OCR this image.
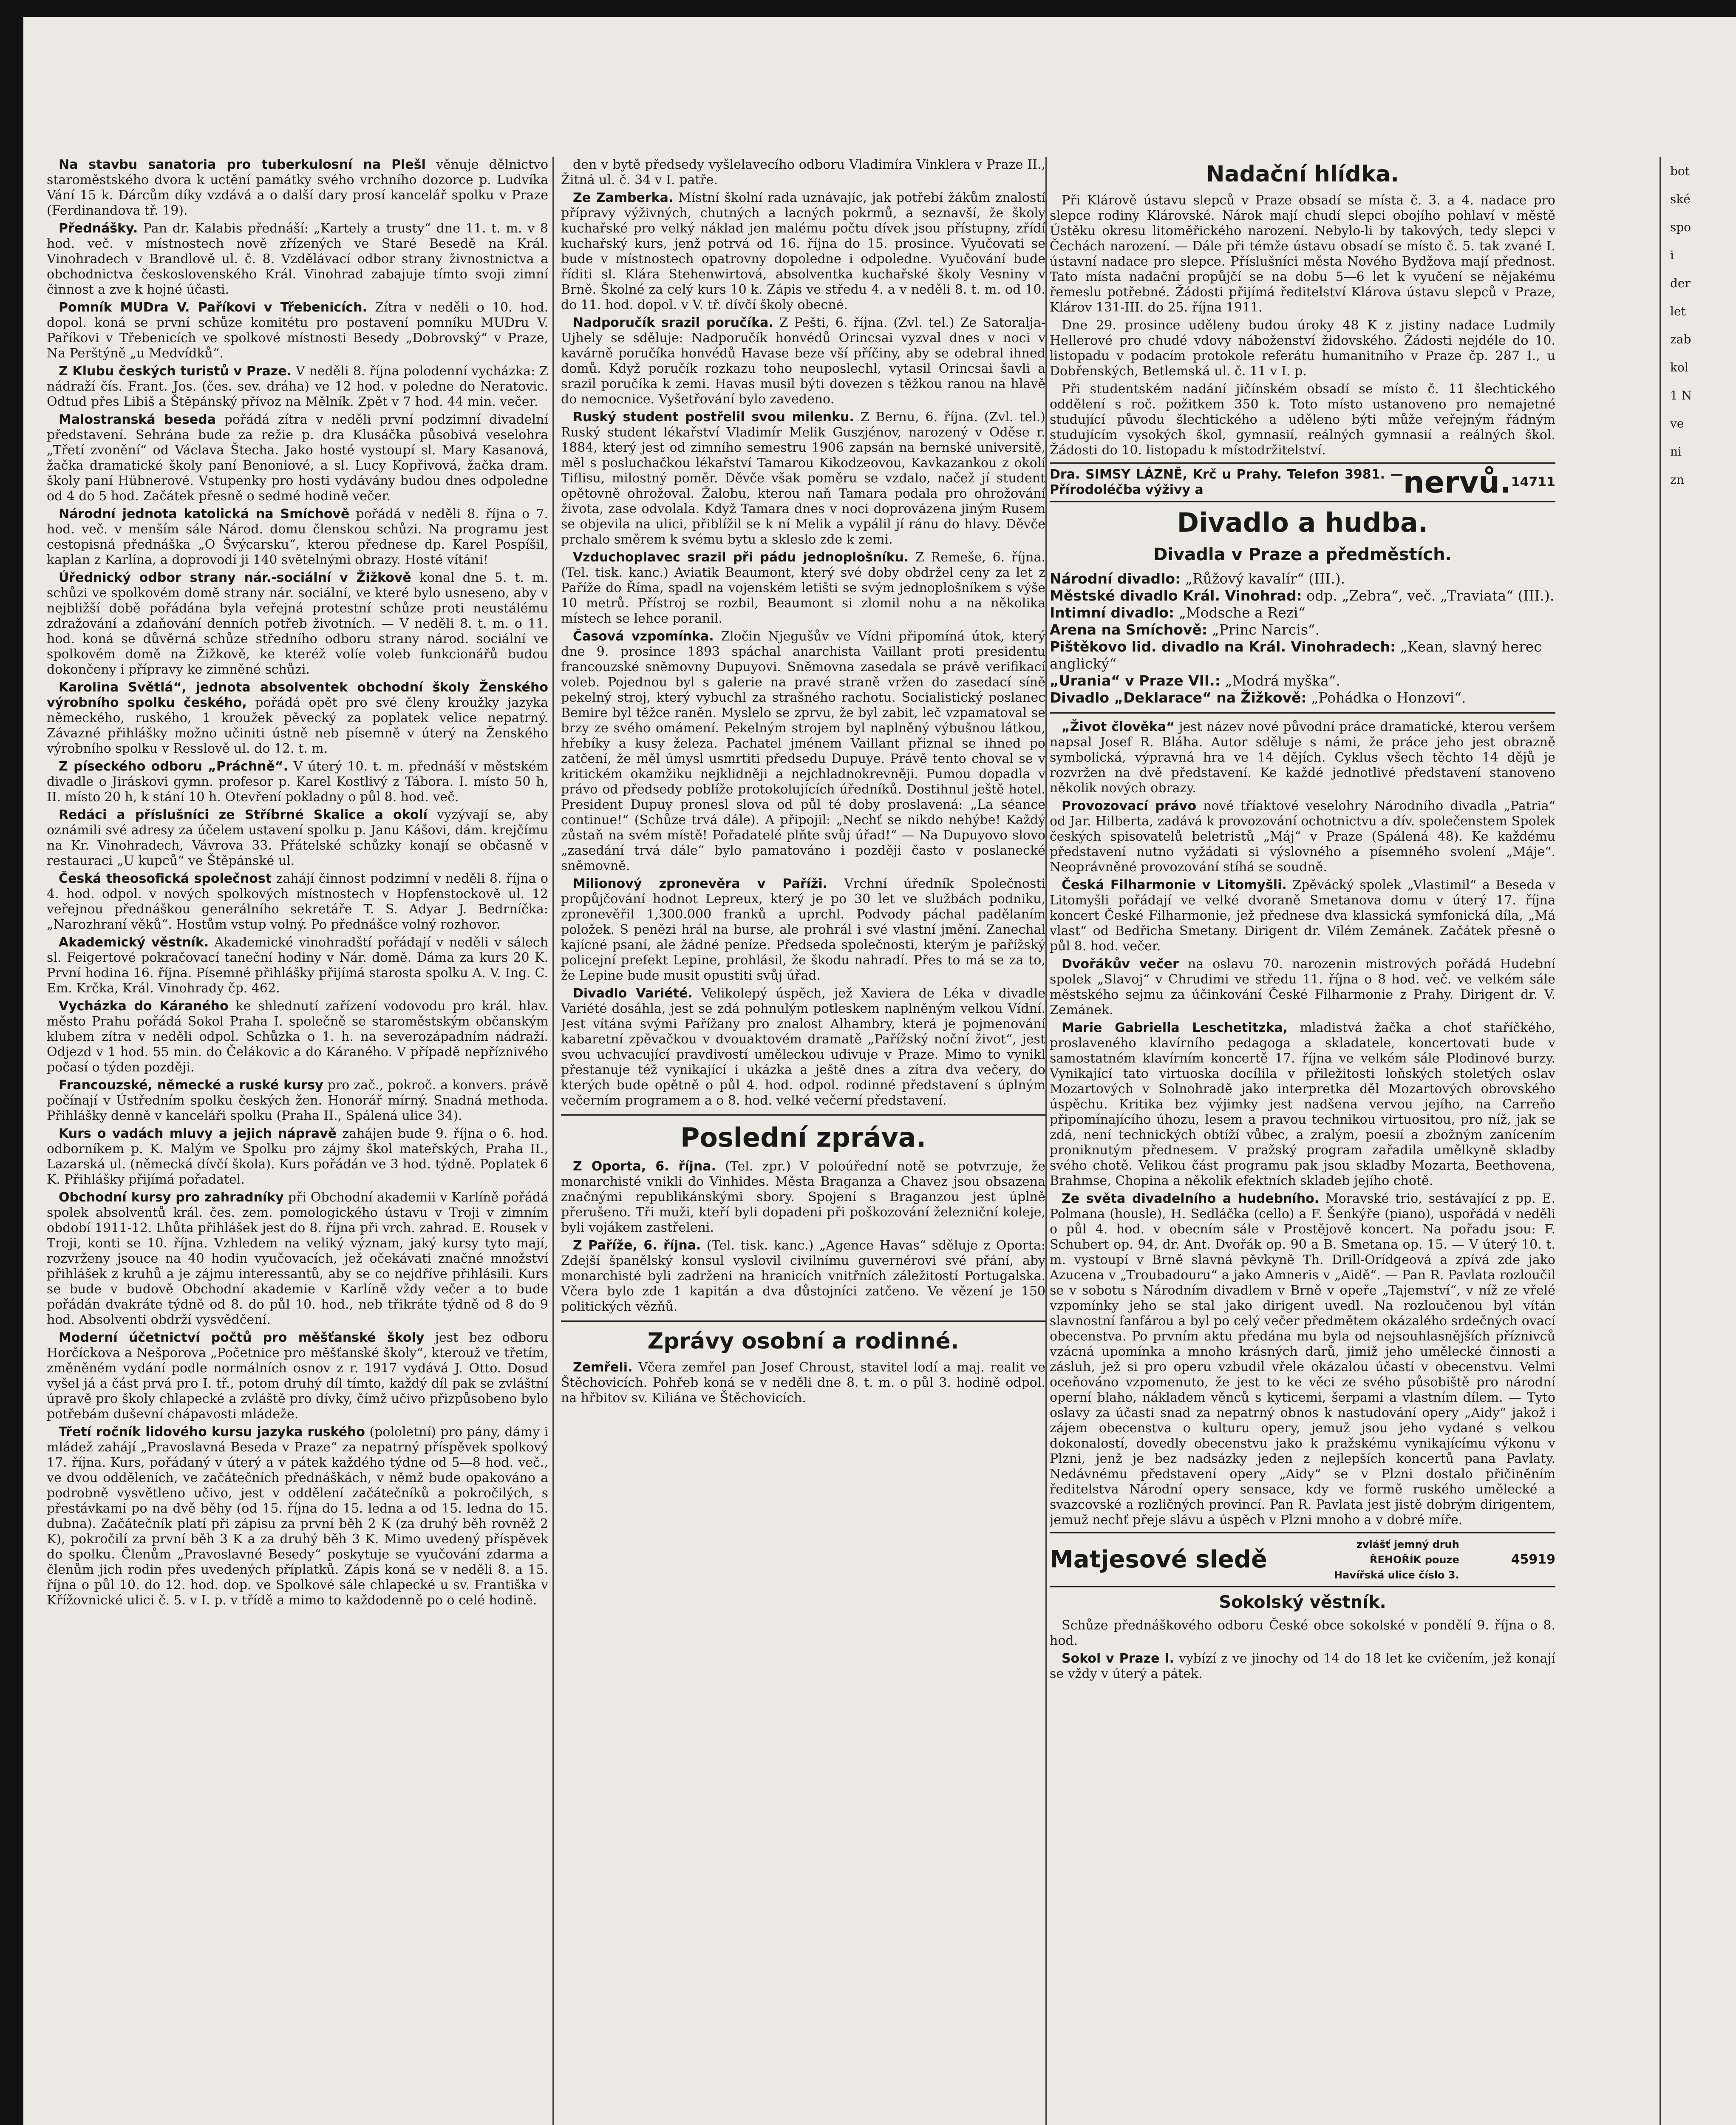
Na stavbu sanatoria pro tuberkulosní na Plešl věnuje dělnictvo staroměstského dvora k uctění památky svého vrchního dozorce p. Ludvíka Vání 15 k. Dárcům díky vzdává a o další dary prosí kancelář spolku v Praze (Ferdinandova tř. 19).

Přednášky. Pan dr. Kalabis přednáší: „Kartely a trusty“ dne 11. t. m. v 8 hod. več. v místnostech nově zřízených ve Staré Besedě na Král. Vinohradech v Brandlově ul. č. 8. Vzdělávací odbor strany živnostnictva a obchodnictva československého Král. Vinohrad zabajuje tímto svoji zimní činnost a zve k hojné účasti.

Pomník MUDra V. Paříkovi v Třebenicích. Zítra v neděli o 10. hod. dopol. koná se první schůze komitétu pro postavení pomníku MUDru V. Paříkovi v Třebenicích ve spolkové místnosti Besedy „Dobrovský“ v Praze, Na Perštýně „u Medvídků“.

Z Klubu českých turistů v Praze. V neděli 8. října polodenní vycházka: Z nádraží čís. Frant. Jos. (čes. sev. dráha) ve 12 hod. v poledne do Neratovic. Odtud přes Libiš a Štěpánský přívoz na Mělník. Zpět v 7 hod. 44 min. večer.

Malostranská beseda pořádá zítra v neděli první podzimní divadelní představení. Sehrána bude za režie p. dra Klusáčka působivá veselohra „Třetí zvonění“ od Václava Štecha. Jako hosté vystoupí sl. Mary Kasanová, žačka dramatické školy paní Benoniové, a sl. Lucy Kopřivová, žačka dram. školy paní Hübnerové. Vstupenky pro hosti vydávány budou dnes odpoledne od 4 do 5 hod. Začátek přesně o sedmé hodině večer.

Národní jednota katolická na Smíchově pořádá v neděli 8. října o 7. hod. več. v menším sále Národ. domu členskou schůzi. Na programu jest cestopisná přednáška „O Švýcarsku“, kterou přednese dp. Karel Pospíšil, kaplan z Karlína, a doprovodí ji 140 světelnými obrazy. Hosté vítáni!

Úřednický odbor strany nár.-sociální v Žižkově konal dne 5. t. m. schůzi ve spolkovém domě strany nár. sociální, ve které bylo usneseno, aby v nejbližší době pořádána byla veřejná protestní schůze proti neustálému zdražování a zdaňování denních potřeb životních. — V neděli 8. t. m. o 11. hod. koná se důvěrná schůze středního odboru strany národ. sociální ve spolkovém domě na Žižkově, ke kteréž volíe voleb funkcionářů budou dokončeny i přípravy ke zimněné schůzi.

Karolina Světlá“, jednota absolventek obchodní školy Ženského výrobního spolku českého, pořádá opět pro své členy kroužky jazyka německého, ruského, 1 kroužek pěvecký za poplatek velice nepatrný. Závazné přihlášky možno učiniti ústně neb písemně v úterý na Ženského výrobního spolku v Resslově ul. do 12. t. m.

Z píseckého odboru „Práchně“. V úterý 10. t. m. přednáší v městském divadle o Jiráskovi gymn. profesor p. Karel Kostlivý z Tábora. I. místo 50 h, II. místo 20 h, k stání 10 h. Otevření pokladny o půl 8. hod. več.

Redáci a příslušníci ze Stříbrné Skalice a okolí vyzývají se, aby oznámili své adresy za účelem ustavení spolku p. Janu Kášovi, dám. krejčímu na Kr. Vinohradech, Vávrova 33. Přátelské schůzky konají se občasně v restauraci „U kupců“ ve Štěpánské ul.

Česká theosofická společnost zahájí činnost podzimní v neděli 8. října o 4. hod. odpol. v nových spolkových místnostech v Hopfenstockově ul. 12 veřejnou přednáškou generálního sekretáře T. S. Adyar J. Bedrníčka: „Narozhraní věků“. Hostům vstup volný. Po přednášce volný rozhovor.

Akademický věstník. Akademické vinohradští pořádají v neděli v sálech sl. Feigertové pokračovací taneční hodiny v Nár. domě. Dáma za kurs 20 K. První hodina 16. října. Písemné přihlášky přijímá starosta spolku A. V. Ing. C. Em. Krčka, Král. Vinohrady čp. 462.

Vycházka do Káraného ke shlednutí zařízení vodovodu pro král. hlav. město Prahu pořádá Sokol Praha I. společně se staroměstským občanským klubem zítra v neděli odpol. Schůzka o 1. h. na severozápadním nádraží. Odjezd v 1 hod. 55 min. do Čelákovic a do Káraného. V případě nepříznivého počasí o týden později.

Francouzské, německé a ruské kursy pro zač., pokroč. a konvers. právě počínají v Ústředním spolku českých žen. Honorář mírný. Snadná methoda. Přihlášky denně v kanceláři spolku (Praha II., Spálená ulice 34).

Kurs o vadách mluvy a jejich nápravě zahájen bude 9. října o 6. hod. odborníkem p. K. Malým ve Spolku pro zájmy škol mateřských, Praha II., Lazarská ul. (německá dívčí škola). Kurs pořádán ve 3 hod. týdně. Poplatek 6 K. Přihlášky přijímá pořadatel.

Obchodní kursy pro zahradníky při Obchodní akademii v Karlíně pořádá spolek absolventů král. čes. zem. pomologického ústavu v Troji v zimním období 1911-12. Lhůta přihlášek jest do 8. října při vrch. zahrad. E. Rousek v Troji, konti se 10. října. Vzhledem na veliký význam, jaký kursy tyto mají, rozvrženy jsouce na 40 hodin vyučovacích, jež očekávati značné množství přihlášek z kruhů a je zájmu interessantů, aby se co nejdříve přihlásili. Kurs se bude v budově Obchodní akademie v Karlíně vždy večer a to bude pořádán dvakráte týdně od 8. do půl 10. hod., neb třikráte týdně od 8 do 9 hod. Absolventi obdrží vysvědčení.

Moderní účetnictví počtů pro měšťanské školy jest bez odboru Horčíckova a Nešporova „Početnice pro měšťanské školy“, kterouž ve třetím, změněném vydání podle normálních osnov z r. 1917 vydává J. Otto. Dosud vyšel já a část prvá pro I. tř., potom druhý díl tímto, každý díl pak se zvláštní úpravě pro školy chlapecké a zvláště pro dívky, čímž učivo přizpůsobeno bylo potřebám duševní chápavosti mládeže.

Třetí ročník lidového kursu jazyka ruského (pololetní) pro pány, dámy i mládež zahájí „Pravoslavná Beseda v Praze“ za nepatrný příspěvek spolkový 17. října. Kurs, pořádaný v úterý a v pátek každého týdne od 5—8 hod. več., ve dvou odděleních, ve začátečních přednáškách, v němž bude opakováno a podrobně vysvětleno učivo, jest v oddělení začátečníků a pokročilých, s přestávkami po na dvě běhy (od 15. října do 15. ledna a od 15. ledna do 15. dubna). Začátečník platí při zápisu za první běh 2 K (za druhý běh rovněž 2 K), pokročilí za první běh 3 K a za druhý běh 3 K. Mimo uvedený příspěvek do spolku. Členům „Pravoslavné Besedy“ poskytuje se vyučování zdarma a členům jich rodin přes uvedených příplatků. Zápis koná se v neděli 8. a 15. října o půl 10. do 12. hod. dop. ve Spolkové sále chlapecké u sv. Františka v Křížovnické ulici č. 5. v I. p. v třídě a mimo to každodenně po o celé hodině.

den v bytě předsedy vyšlelavecího odboru Vladimíra Vinklera v Praze II., Žitná ul. č. 34 v I. patře.

Ze Zamberka. Místní školní rada uznávajíc, jak potřebí žákům znalostí přípravy výživných, chutných a lacných pokrmů, a seznavší, že školy kuchařské pro velký náklad jen malému počtu dívek jsou přístupny, zřídí kuchařský kurs, jenž potrvá od 16. října do 15. prosince. Vyučovati se bude v místnostech opatrovny dopoledne i odpoledne. Vyučování bude říditi sl. Klára Stehenwirtová, absolventka kuchařské školy Vesniny v Brně. Školné za celý kurs 10 k. Zápis ve středu 4. a v neděli 8. t. m. od 10. do 11. hod. dopol. v V. tř. dívčí školy obecné.

Nadporučík srazil poručíka. Z Pešti, 6. října. (Zvl. tel.) Ze Satoralja-Ujhely se sděluje: Nadporučík honvédů Orincsai vyzval dnes v noci v kavárně poručíka honvédů Havase beze vší příčiny, aby se odebral ihned domů. Když poručík rozkazu toho neuposlechl, vytasil Orincsai šavli a srazil poručíka k zemi. Havas musil býti dovezen s těžkou ranou na hlavě do nemocnice. Vyšetřování bylo zavedeno.

Ruský student postřelil svou milenku. Z Bernu, 6. října. (Zvl. tel.) Ruský student lékařství Vladimír Melik Guszjénov, narozený v Oděse r. 1884, který jest od zimního semestru 1906 zapsán na bernské universitě, měl s posluchačkou lékařství Tamarou Kikodzeovou, Kavkazankou z okolí Tiflisu, milostný poměr. Děvče však poměru se vzdalo, načež jí student opětovně ohrožoval. Žalobu, kterou naň Tamara podala pro ohrožování života, zase odvolala. Když Tamara dnes v noci doprovázena jiným Rusem se objevila na ulici, přiblížil se k ní Melik a vypálil jí ránu do hlavy. Děvče prchalo směrem k svému bytu a skleslo zde k zemi.

Vzduchoplavec srazil při pádu jednoplošníku. Z Remeše, 6. října. (Tel. tisk. kanc.) Aviatik Beaumont, který své doby obdržel ceny za let z Paříže do Říma, spadl na vojenském letišti se svým jednoplošníkem s výše 10 metrů. Přístroj se rozbil, Beaumont si zlomil nohu a na několika místech se lehce poranil.

Časová vzpomínka. Zločin Njegušův ve Vídni připomíná útok, který dne 9. prosince 1893 spáchal anarchista Vaillant proti presidentu francouzské sněmovny Dupuyovi. Sněmovna zasedala se právě verifikací voleb. Pojednou byl s galerie na pravé straně vržen do zasedací síně pekelný stroj, který vybuchl za strašného rachotu. Socialistický poslanec Bemire byl těžce raněn. Myslelo se zprvu, že byl zabit, leč vzpamatoval se brzy ze svého omámení. Pekelným strojem byl naplněný výbušnou látkou, hřebíky a kusy železa. Pachatel jménem Vaillant přiznal se ihned po zatčení, že měl úmysl usmrtiti předsedu Dupuye. Právě tento choval se v kritickém okamžiku nejklidněji a nejchladnokrevněji. Pumou dopadla v právo od předsedy poblíže protokolujících úředníků. Dostihnul ještě hotel. President Dupuy pronesl slova od půl té doby proslavená: „La séance continue!“ (Schůze trvá dále). A připojil: „Nechť se nikdo nehýbe! Každý zůstaň na svém místě! Pořadatelé plňte svůj úřad!“ — Na Dupuyovo slovo „zasedání trvá dále“ bylo pamatováno i později často v poslanecké sněmovně.

Milionový zpronevěra v Paříži. Vrchní úředník Společnosti propůjčování hodnot Lepreux, který je po 30 let ve službách podniku, zpronevěřil 1,300.000 franků a uprchl. Podvody páchal padělaním položek. S penězi hrál na burse, ale prohrál i své vlastní jmění. Zanechal kajícné psaní, ale žádné peníze. Předseda společnosti, kterým je pařížský policejní prefekt Lepine, prohlásil, že škodu nahradí. Přes to má se za to, že Lepine bude musit opustiti svůj úřad.

Divadlo Variété. Velikolepý úspěch, jež Xaviera de Léka v divadle Variété dosáhla, jest se zdá pohnulým potleskem naplněným velkou Vídní. Jest vítána svými Pařížany pro znalost Alhambry, která je pojmenování kabaretní zpěvačkou v dvouaktovém dramatě „Pařížský noční život“, jest svou uchvacující pravdivostí uměleckou udivuje v Praze. Mimo to vynikl přestanuje též vynikající i ukázka a ještě dnes a zítra dva večery, do kterých bude opětně o půl 4. hod. odpol. rodinné představení s úplným večerním programem a o 8. hod. velké večerní představení.

Poslední zpráva.

Z Oporta, 6. října. (Tel. zpr.) V poloúřední notě se potvrzuje, že monarchisté vnikli do Vinhides. Města Braganza a Chavez jsou obsazena značnými republikánskými sbory. Spojení s Braganzou jest úplně přerušeno. Tři muži, kteří byli dopadeni při poškozování železniční koleje, byli vojákem zastřeleni.

Z Paříže, 6. října. (Tel. tisk. kanc.) „Agence Havas“ sděluje z Oporta: Zdejší španělský konsul vyslovil civilnímu guvernérovi své přání, aby monarchisté byli zadrženi na hranicích vnitřních záležitostí Portugalska. Včera bylo zde 1 kapitán a dva důstojníci zatčeno. Ve vězení je 150 politických vězňů.

Zprávy osobní a rodinné.

Zemřeli. Včera zemřel pan Josef Chroust, stavitel lodí a maj. realit ve Štěchovicích. Pohřeb koná se v neděli dne 8. t. m. o půl 3. hodině odpol. na hřbitov sv. Kiliána ve Štěchovicích.

Nadační hlídka.

Při Klárově ústavu slepců v Praze obsadí se místa č. 3. a 4. nadace pro slepce rodiny Klárovské. Nárok mají chudí slepci obojího pohlaví v městě Ústěku okresu litoměřického narození. Nebylo-li by takových, tedy slepci v Čechách narození. — Dále při témže ústavu obsadí se místo č. 5. tak zvané I. ústavní nadace pro slepce. Příslušníci města Nového Bydžova mají přednost. Tato místa nadační propůjčí se na dobu 5—6 let k vyučení se nějakému řemeslu potřebné. Žádosti přijímá ředitelství Klárova ústavu slepců v Praze, Klárov 131-III. do 25. října 1911.

Dne 29. prosince uděleny budou úroky 48 K z jistiny nadace Ludmily Hellerové pro chudé vdovy náboženství židovského. Žádosti nejdéle do 10. listopadu v podacím protokole referátu humanitního v Praze čp. 287 I., u Dobřenských, Betlemská ul. č. 11 v I. p.

Při studentském nadání jičínském obsadí se místo č. 11 šlechtického oddělení s roč. požitkem 350 k. Toto místo ustanoveno pro nemajetné studující původu šlechtického a uděleno býti může veřejným řádným studujícím vysokých škol, gymnasií, reálných gymnasií a reálných škol. Žádosti do 10. listopadu k místodržitelství.

Dra. SIMSY LÁZNĚ, Krč u Prahy. Telefon 3981. — Přírodoléčba výživy a	nervů. 14711
Divadlo a hudba.
Divadla v Praze a předměstích.

Národní divadlo: „Růžový kavalír“ (III.).

Městské divadlo Král. Vinohrad: odp. „Zebra“, več. „Traviata“ (III.).

Intimní divadlo: „Modsche a Rezi“

Arena na Smíchově: „Princ Narcis“.

Pištěkovo lid. divadlo na Král. Vinohradech: „Kean, slavný herec anglický“

„Urania“ v Praze VII.: „Modrá myška“.

Divadlo „Deklarace“ na Žižkově: „Pohádka o Honzovi“.

„Život člověka“ jest název nové původní práce dramatické, kterou veršem napsal Josef R. Bláha. Autor sděluje s námi, že práce jeho jest obrazně symbolická, výpravná hra ve 14 dějích. Cyklus všech těchto 14 dějů je rozvržen na dvě představení. Ke každé jednotlivé představení stanoveno několik nových obrazy.

Provozovací právo nové tříaktové veselohry Národního divadla „Patria“ od Jar. Hilberta, zadává k provozování ochotnictvu a dív. společenstem Spolek českých spisovatelů beletristů „Máj“ v Praze (Spálená 48). Ke každému představení nutno vyžádati si výslovného a písemného svolení „Máje“. Neoprávněné provozování stíhá se soudně.

Česká Filharmonie v Litomyšli. Zpěvácký spolek „Vlastimil“ a Beseda v Litomyšli pořádají ve velké dvoraně Smetanova domu v úterý 17. října koncert České Filharmonie, jež přednese dva klassická symfonická díla, „Má vlast“ od Bedřicha Smetany. Dirigent dr. Vilém Zemánek. Začátek přesně o půl 8. hod. večer.

Dvořákův večer na oslavu 70. narozenin mistrových pořádá Hudební spolek „Slavoj“ v Chrudimi ve středu 11. října o 8 hod. več. ve velkém sále městského sejmu za účinkování České Filharmonie z Prahy. Dirigent dr. V. Zemánek.

Marie Gabriella Leschetitzka, mladistvá žačka a choť staříčkého, proslaveného klavírního pedagoga a skladatele, koncertovati bude v samostatném klavírním koncertě 17. října ve velkém sále Plodinové burzy. Vynikající tato virtuoska docílila v přiležitosti loňských stoletých oslav Mozartových v Solnohradě jako interpretka děl Mozartových obrovského úspěchu. Kritika bez výjimky jest nadšena vervou jejího, na Carreňo připomínajícího úhozu, lesem a pravou technikou virtuositou, pro níž, jak se zdá, není technických obtíží vůbec, a zralým, poesií a zbožným zanícením proniknutým přednesem. V pražský program zařadila umělkyně skladby svého chotě. Velikou část programu pak jsou skladby Mozarta, Beethovena, Brahmse, Chopina a několik efektních skladeb jejího chotě.

Ze světa divadelního a hudebního. Moravské trio, sestávající z pp. E. Polmana (housle), H. Sedláčka (cello) a F. Šenkýře (piano), uspořádá v neděli o půl 4. hod. v obecním sále v Prostějově koncert. Na pořadu jsou: F. Schubert op. 94, dr. Ant. Dvořák op. 90 a B. Smetana op. 15. — V úterý 10. t. m. vystoupí v Brně slavná pěvkyně Th. Drill-Orídgeová a zpívá zde jako Azucena v „Troubadouru“ a jako Amneris v „Aidě“. — Pan R. Pavlata rozloučil se v sobotu s Národním divadlem v Brně v opeře „Tajemství“, v níž ze vřelé vzpomínky jeho se stal jako dirigent uvedl. Na rozloučenou byl vítán slavnostní fanfárou a byl po celý večer předmětem okázalého srdečných ovací obecenstva. Po prvním aktu předána mu byla od nejsouhlasnějších příznivců vzácná upomínka a mnoho krásných darů, jimiž jeho umělecké činnosti a zásluh, jež si pro operu vzbudil vřele okázalou účastí v obecenstvu. Velmi oceňováno vzpomenuto, že jest to ke věci ze svého působiště pro národní operní blaho, nákladem věnců s kyticemi, šerpami a vlastním dílem. — Tyto oslavy za účasti snad za nepatrný obnos k nastudování opery „Aidy“ jakož i zájem obecenstva o kulturu opery, jemuž jsou jeho vydané s velkou dokonalostí, dovedly obecenstvu jako k pražskému vynikajícímu výkonu v Plzni, jenž je bez nadsázky jeden z nejlepších koncertů pana Pavlaty. Nedávnému představení opery „Aidy“ se v Plzni dostalo přičiněním ředitelstva Národní opery sensace, kdy ve formě ruského umělecké a svazcovské a rozličných provincí. Pan R. Pavlata jest jistě dobrým dirigentem, jemuž nechť přeje slávu a úspěch v Plzni mnoho a v dobré míře.

Matjesové sledě
zvlášť jemný druh ŘEHOŘÍK pouze Havířská ulice číslo 3.
45919
Sokolský věstník.

Schůze přednáškového odboru České obce sokolské v pondělí 9. října o 8. hod.

Sokol v Praze I. vybízí z ve jinochy od 14 do 18 let ke cvičením, jež konají se vždy v úterý a pátek.

bot
ské
spo
i
der
let
zab
kol
1 N
ve
ni
zn
